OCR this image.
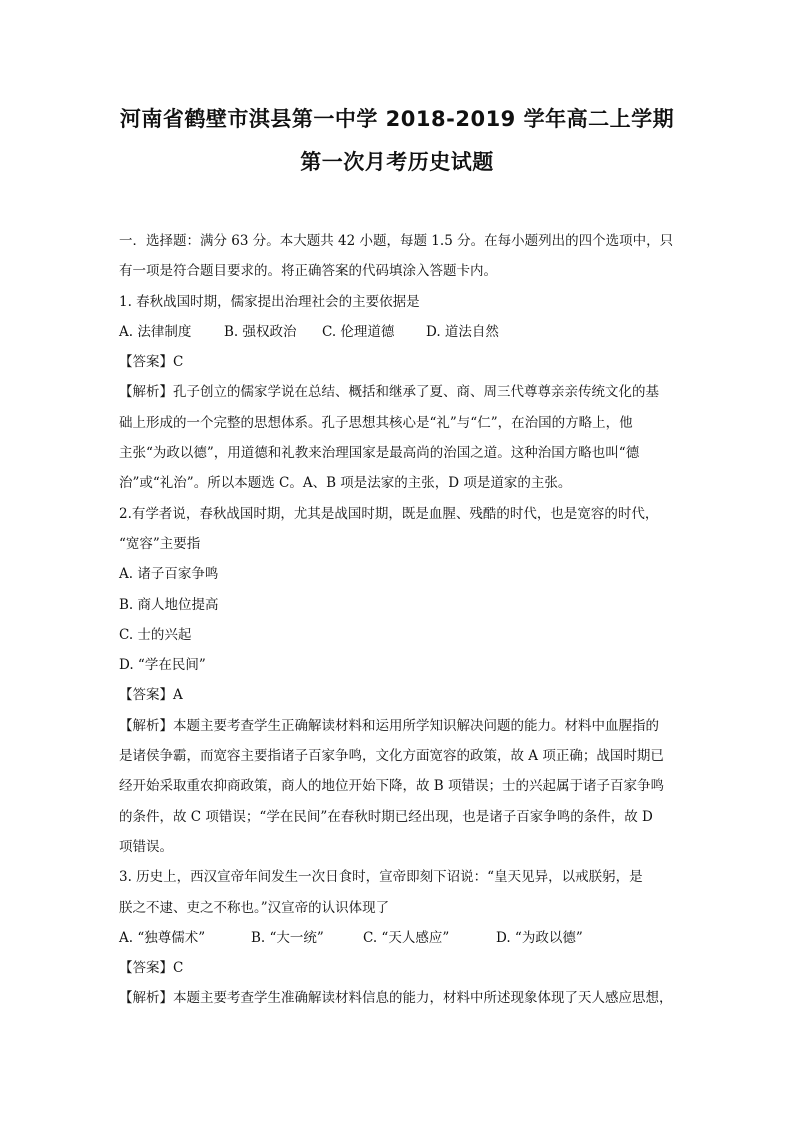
河南省鹤壁市淇县第一中学 2018-2019 学年高二上学期
第一次月考历史试题

一．选择题：满分 63 分。本大题共 42 小题，每题 1.5 分。在每小题列出的四个选项中，只

有一项是符合题目要求的。将正确答案的代码填涂入答题卡内。

1. 春秋战国时期，儒家提出治理社会的主要依据是

A. 法律制度	B. 强权政治	C. 伦理道德	D. 道法自然

【答案】C

【解析】孔子创立的儒家学说在总结、概括和继承了夏、商、周三代尊尊亲亲传统文化的基

础上形成的一个完整的思想体系。孔子思想其核心是“礼”与“仁”，在治国的方略上，他

主张“为政以德”，用道德和礼教来治理国家是最高尚的治国之道。这种治国方略也叫“德

治”或“礼治”。所以本题选 C。A、B 项是法家的主张，D 项是道家的主张。

2.有学者说，春秋战国时期，尤其是战国时期，既是血腥、残酷的时代，也是宽容的时代，

“宽容”主要指

A. 诸子百家争鸣

B. 商人地位提高

C. 士的兴起

D. “学在民间”

【答案】A

【解析】本题主要考查学生正确解读材料和运用所学知识解决问题的能力。材料中血腥指的

是诸侯争霸，而宽容主要指诸子百家争鸣，文化方面宽容的政策，故 A 项正确；战国时期已

经开始采取重农抑商政策，商人的地位开始下降，故 B 项错误；士的兴起属于诸子百家争鸣

的条件，故 C 项错误；“学在民间”在春秋时期已经出现，也是诸子百家争鸣的条件，故 D

项错误。

3. 历史上，西汉宣帝年间发生一次日食时，宣帝即刻下诏说：“皇天见异，以戒朕躬，是

朕之不逮、吏之不称也。”汉宣帝的认识体现了

A. “独尊儒术”	B. “大一统”	C. “天人感应”	D. “为政以德”

【答案】C

【解析】本题主要考查学生准确解读材料信息的能力，材料中所述现象体现了天人感应思想，
